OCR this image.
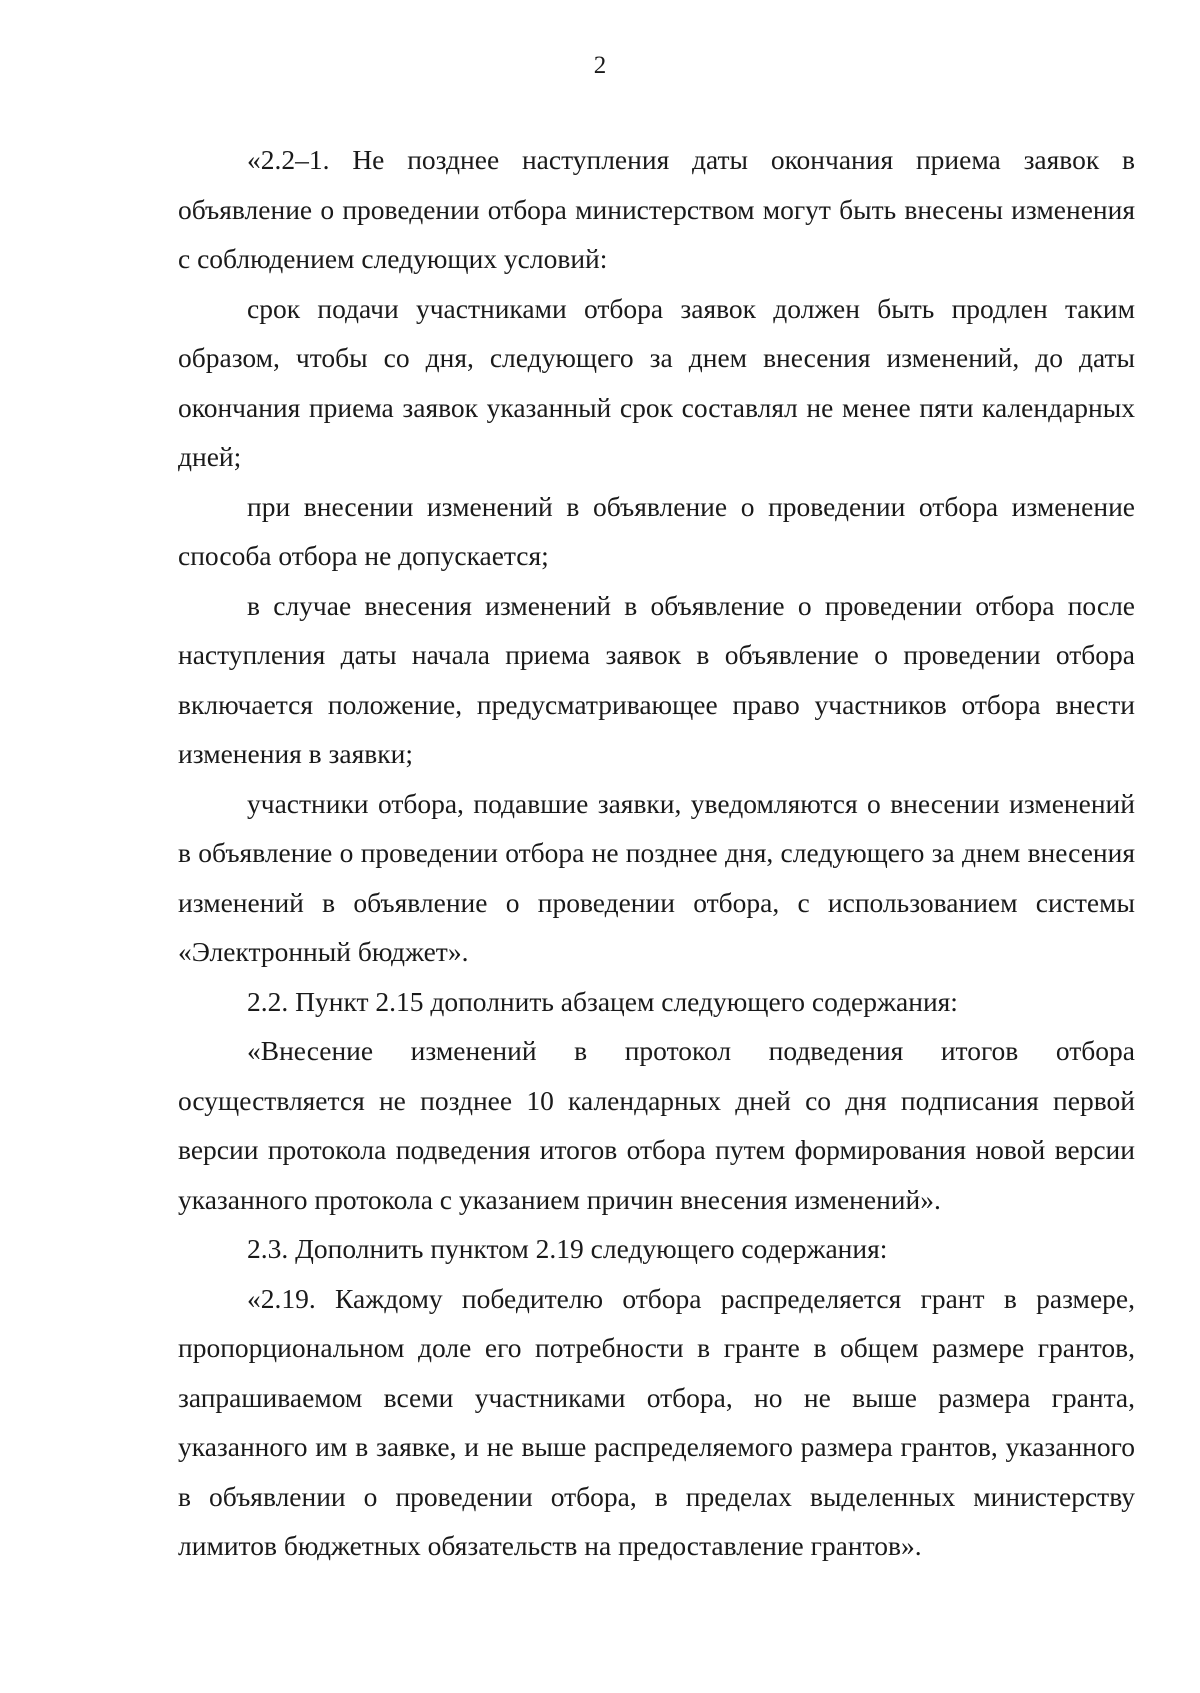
2

«2.2–1. Не позднее наступления даты окончания приема заявок в объявление о проведении отбора министерством могут быть внесены изменения с соблюдением следующих условий:

срок подачи участниками отбора заявок должен быть продлен таким образом, чтобы со дня, следующего за днем внесения изменений, до даты окончания приема заявок указанный срок составлял не менее пяти календарных дней;

при внесении изменений в объявление о проведении отбора изменение способа отбора не допускается;

в случае внесения изменений в объявление о проведении отбора после наступления даты начала приема заявок в объявление о проведении отбора включается положение, предусматривающее право участников отбора внести изменения в заявки;

участники отбора, подавшие заявки, уведомляются о внесении изменений в объявление о проведении отбора не позднее дня, следующего за днем внесения изменений в объявление о проведении отбора, с использованием системы «Электронный бюджет».

2.2. Пункт 2.15 дополнить абзацем следующего содержания:

«Внесение изменений в протокол подведения итогов отбора осуществляется не позднее 10 календарных дней со дня подписания первой версии протокола подведения итогов отбора путем формирования новой версии указанного протокола с указанием причин внесения изменений».

2.3. Дополнить пунктом 2.19 следующего содержания:

«2.19. Каждому победителю отбора распределяется грант в размере, пропорциональном доле его потребности в гранте в общем размере грантов, запрашиваемом всеми участниками отбора, но не выше размера гранта, указанного им в заявке, и не выше распределяемого размера грантов, указанного в объявлении о проведении отбора, в пределах выделенных министерству лимитов бюджетных обязательств на предоставление грантов».
